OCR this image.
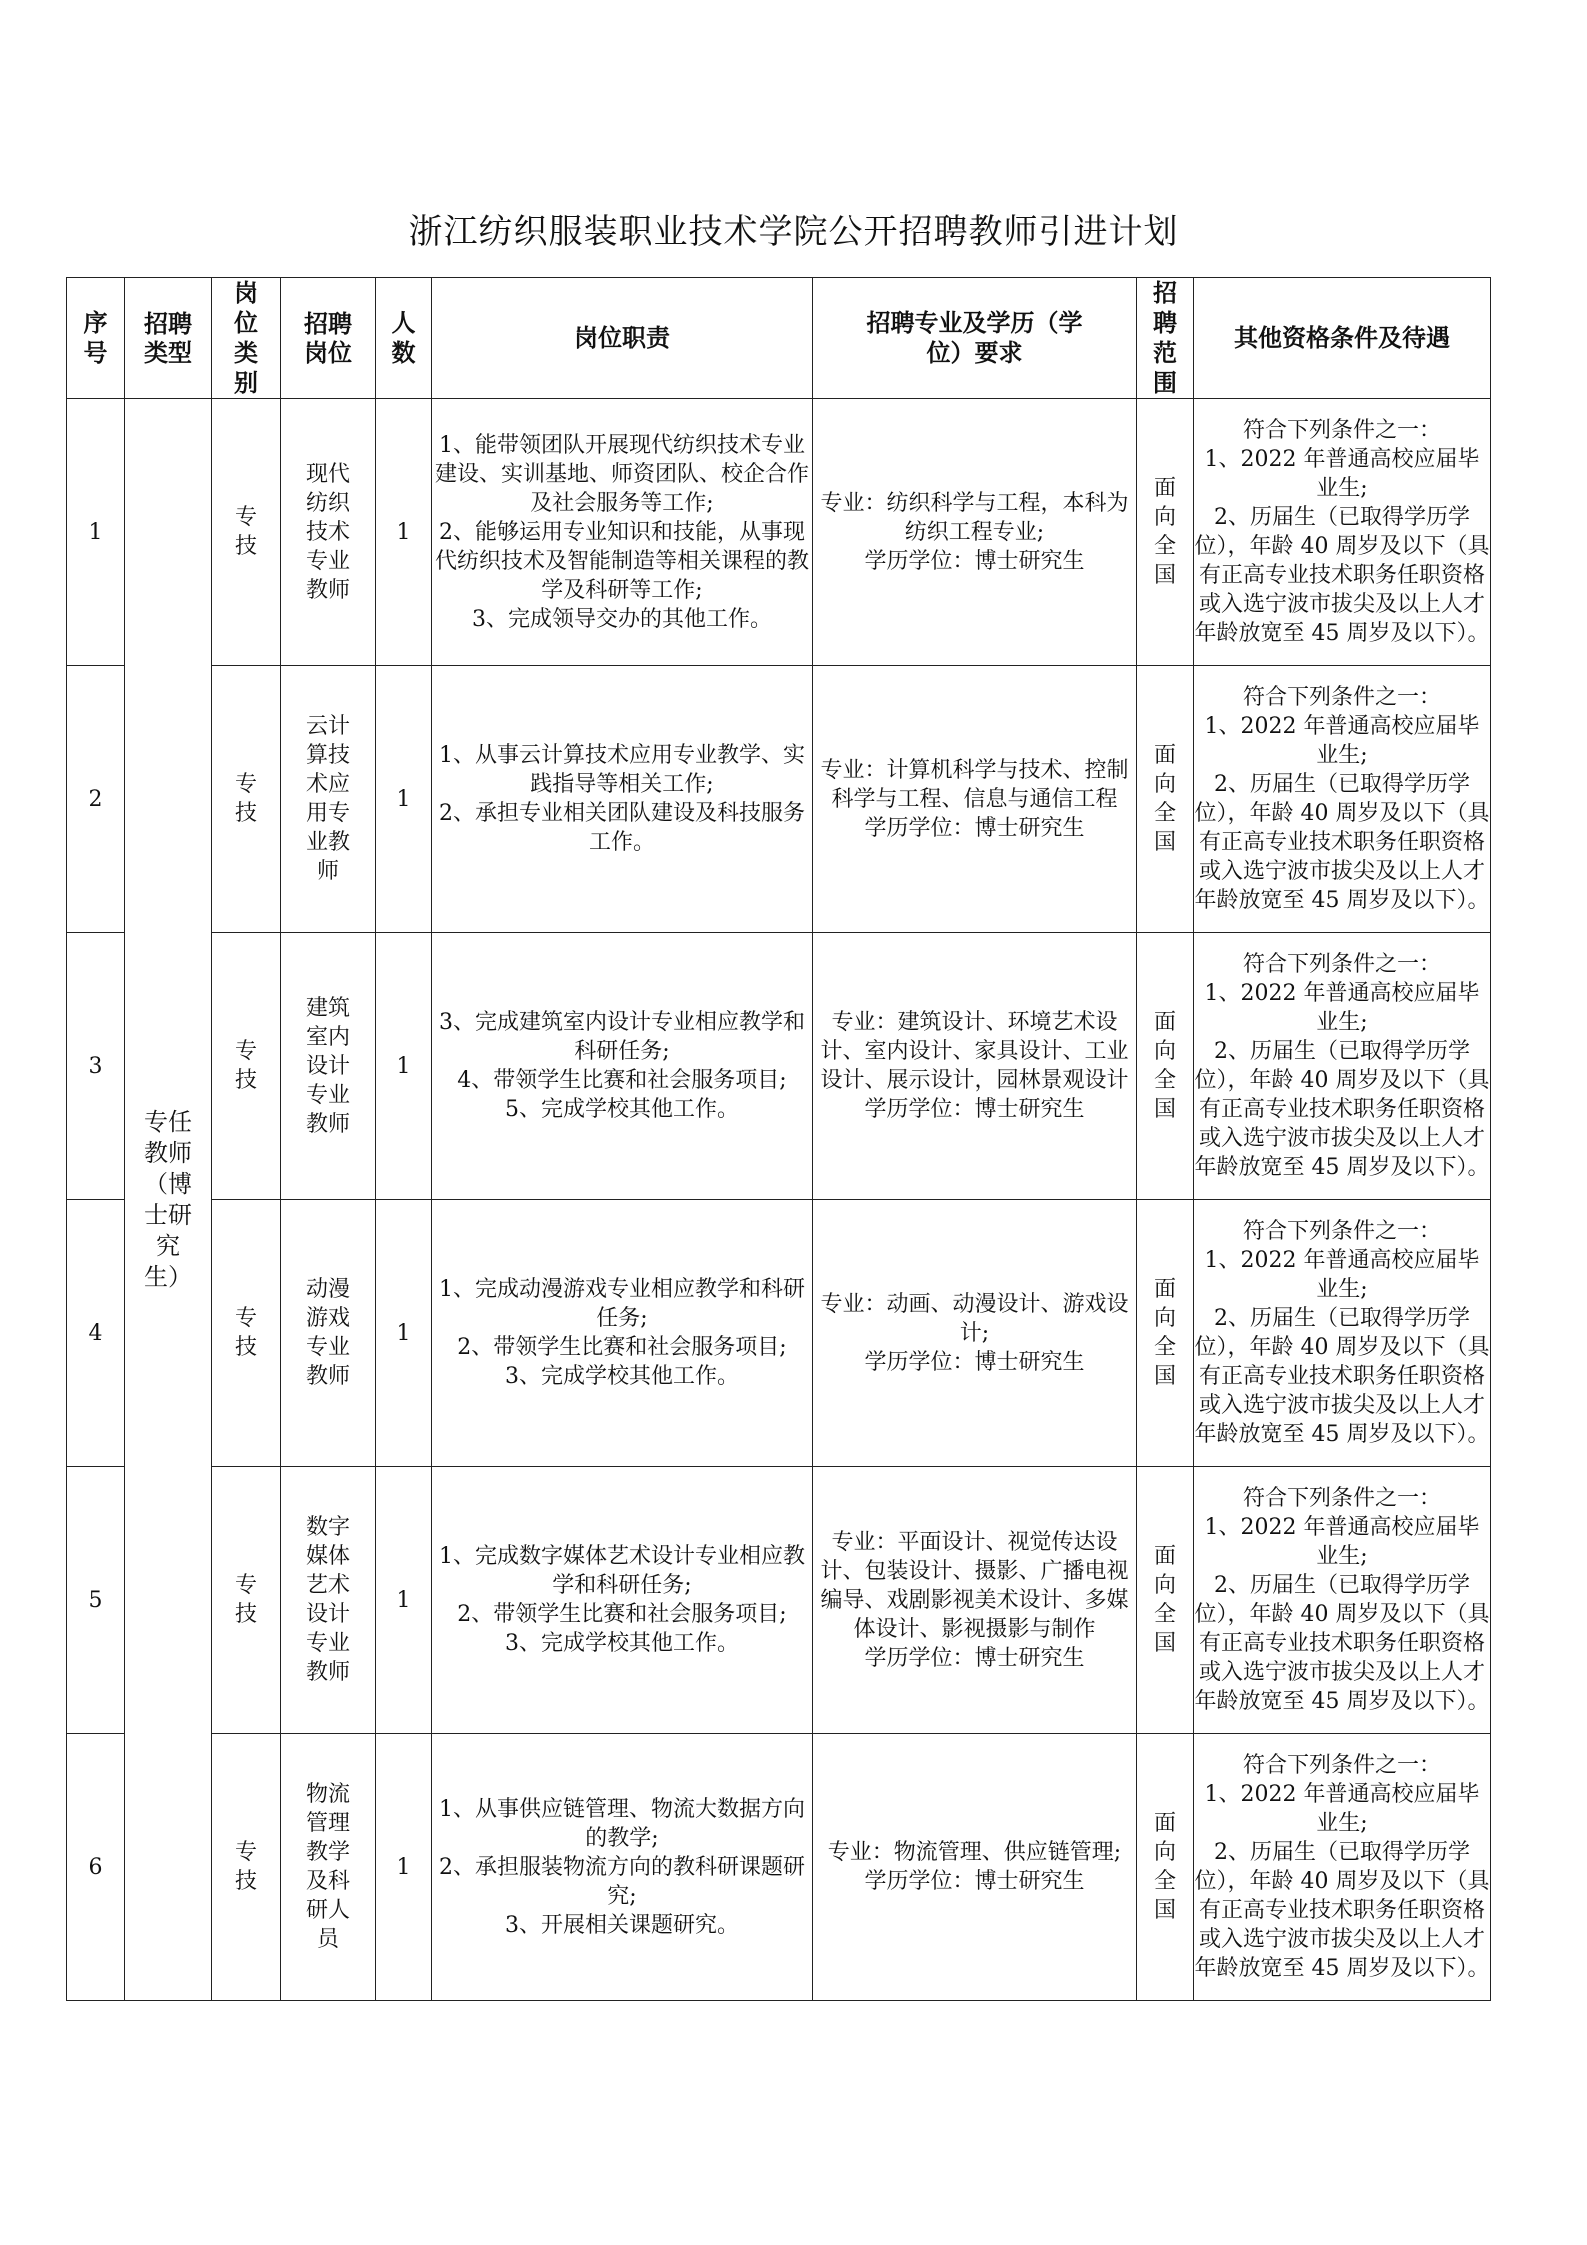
浙江纺织服装职业技术学院公开招聘教师引进计划
序号	招聘类型	岗位类别	招聘岗位	人数	岗位职责	招聘专业及学历（学位）要求	招聘范围	其他资格条件及待遇
1	专任教师（博士研究生）	专技	现代纺织技术专业教师	1	1、能带领团队开展现代纺织技术专业建设、实训基地、师资团队、校企合作及社会服务等工作;
2、能够运用专业知识和技能，从事现代纺织技术及智能制造等相关课程的教学及科研等工作;
3、完成领导交办的其他工作。	专业：纺织科学与工程，本科为纺织工程专业;
学历学位：博士研究生	面向全国	符合下列条件之一：
1、2022 年普通高校应届毕业生;
2、历届生（已取得学历学位），年龄 40 周岁及以下（具有正高专业技术职务任职资格或入选宁波市拔尖及以上人才年龄放宽至 45 周岁及以下）。

2		专技	云计算技术应用专业教师	1	1、从事云计算技术应用专业教学、实践指导等相关工作;
2、承担专业相关团队建设及科技服务工作。	专业：计算机科学与技术、控制科学与工程、信息与通信工程
学历学位：博士研究生	面向全国	符合下列条件之一：
1、2022 年普通高校应届毕业生;
2、历届生（已取得学历学位），年龄 40 周岁及以下（具有正高专业技术职务任职资格或入选宁波市拔尖及以上人才年龄放宽至 45 周岁及以下）。

3		专技	建筑室内设计专业教师	1	3、完成建筑室内设计专业相应教学和科研任务;
4、带领学生比赛和社会服务项目;
5、完成学校其他工作。	专业：建筑设计、环境艺术设计、室内设计、家具设计、工业设计、展示设计，园林景观设计
学历学位：博士研究生	面向全国	符合下列条件之一：
1、2022 年普通高校应届毕业生;
2、历届生（已取得学历学位），年龄 40 周岁及以下（具有正高专业技术职务任职资格或入选宁波市拔尖及以上人才年龄放宽至 45 周岁及以下）。

4		专技	动漫游戏专业教师	1	1、完成动漫游戏专业相应教学和科研任务;
2、带领学生比赛和社会服务项目;
3、完成学校其他工作。	专业：动画、动漫设计、游戏设计;
学历学位：博士研究生	面向全国	符合下列条件之一：
1、2022 年普通高校应届毕业生;
2、历届生（已取得学历学位），年龄 40 周岁及以下（具有正高专业技术职务任职资格或入选宁波市拔尖及以上人才年龄放宽至 45 周岁及以下）。

5		专技	数字媒体艺术设计专业教师	1	1、完成数字媒体艺术设计专业相应教学和科研任务;
2、带领学生比赛和社会服务项目;
3、完成学校其他工作。	专业：平面设计、视觉传达设计、包装设计、摄影、广播电视编导、戏剧影视美术设计、多媒体设计、影视摄影与制作
学历学位：博士研究生	面向全国	符合下列条件之一：
1、2022 年普通高校应届毕业生;
2、历届生（已取得学历学位），年龄 40 周岁及以下（具有正高专业技术职务任职资格或入选宁波市拔尖及以上人才年龄放宽至 45 周岁及以下）。

6		专技	物流管理教学及科研人员	1	1、从事供应链管理、物流大数据方向的教学;
2、承担服装物流方向的教科研课题研究;
3、开展相关课题研究。	专业：物流管理、供应链管理;
学历学位：博士研究生	面向全国	符合下列条件之一：
1、2022 年普通高校应届毕业生;
2、历届生（已取得学历学位），年龄 40 周岁及以下（具有正高专业技术职务任职资格或入选宁波市拔尖及以上人才年龄放宽至 45 周岁及以下）。
